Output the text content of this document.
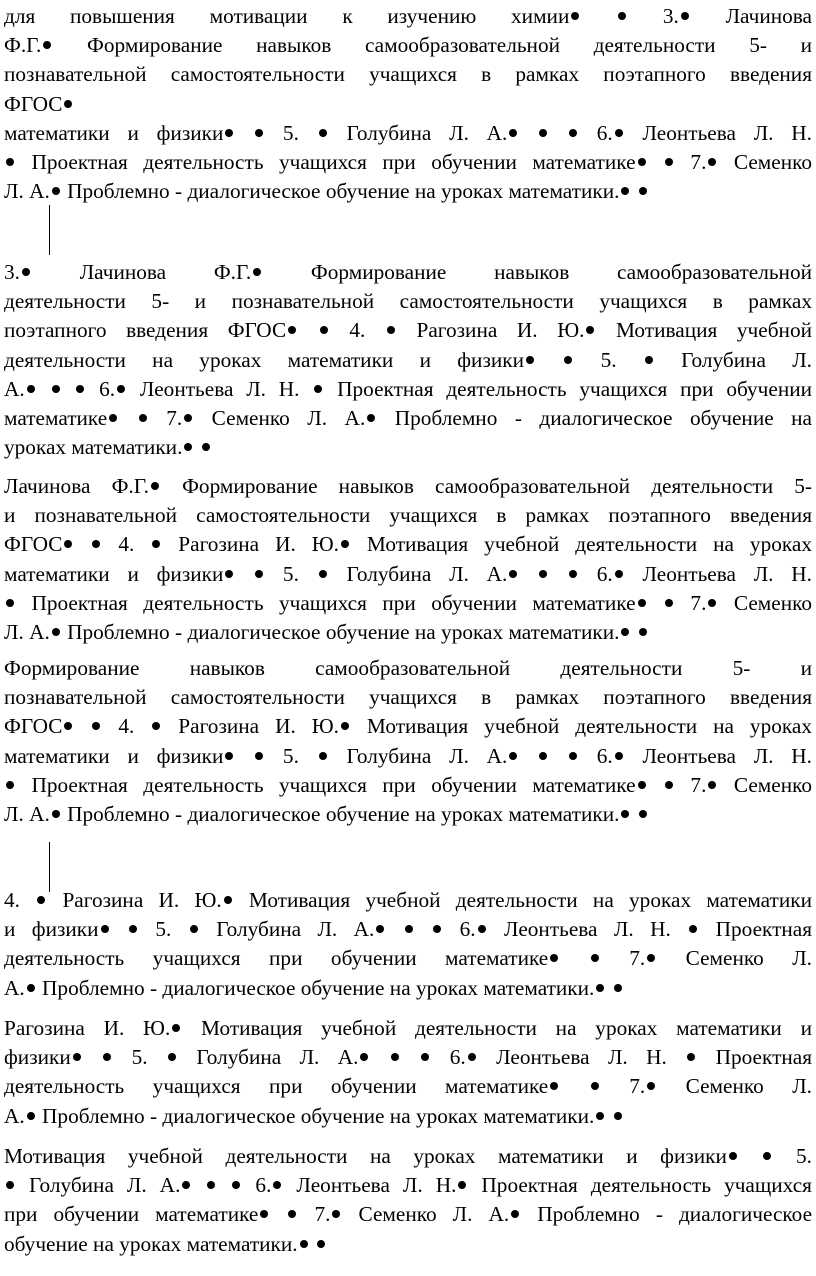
для повышения мотивации к изучению химии	3. Лачинова
Ф.Г. Формирование навыков самообразовательной деятельности 5- и
познавательной самостоятельности учащихся в рамках поэтапного введения
ФГОС
математики и физики  5.  Голубина Л. А.	6. Леонтьева Л. Н.
Проектная деятельность учащихся при обучении математике  7. Семенко
Л. А. Проблемно - диалогическое обучение на уроках математики.
3. Лачинова Ф.Г. Формирование навыков самообразовательной
деятельности 5- и познавательной самостоятельности учащихся в рамках
поэтапного введения ФГОС  4.  Рагозина И. Ю. Мотивация учебной
деятельности на уроках математики и физики  5.  Голубина Л.
А.	6. Леонтьева Л. Н.  Проектная деятельность учащихся при обучении
математике  7. Семенко Л. А. Проблемно - диалогическое обучение на
уроках математики.
Лачинова Ф.Г. Формирование навыков самообразовательной деятельности 5-
и познавательной самостоятельности учащихся в рамках поэтапного введения
ФГОС  4.  Рагозина И. Ю. Мотивация учебной деятельности на уроках
математики и физики  5.  Голубина Л. А.	6. Леонтьева Л. Н.
Проектная деятельность учащихся при обучении математике  7. Семенко
Л. А. Проблемно - диалогическое обучение на уроках математики.
Формирование навыков самообразовательной деятельности 5- и
познавательной самостоятельности учащихся в рамках поэтапного введения
ФГОС  4.  Рагозина И. Ю. Мотивация учебной деятельности на уроках
математики и физики  5.  Голубина Л. А.	6. Леонтьева Л. Н.
Проектная деятельность учащихся при обучении математике  7. Семенко
Л. А. Проблемно - диалогическое обучение на уроках математики.
4.  Рагозина И. Ю. Мотивация учебной деятельности на уроках математики
и физики  5.  Голубина Л. А.	6. Леонтьева Л. Н.  Проектная
деятельность учащихся при обучении математике  7. Семенко Л.
А. Проблемно - диалогическое обучение на уроках математики.
Рагозина И. Ю. Мотивация учебной деятельности на уроках математики и
физики  5.  Голубина Л. А.	6. Леонтьева Л. Н.  Проектная
деятельность учащихся при обучении математике  7. Семенко Л.
А. Проблемно - диалогическое обучение на уроках математики.
Мотивация учебной деятельности на уроках математики и физики  5.
Голубина Л. А.	6. Леонтьева Л. Н. Проектная деятельность учащихся
при обучении математике  7. Семенко Л. А. Проблемно - диалогическое
обучение на уроках математики.
